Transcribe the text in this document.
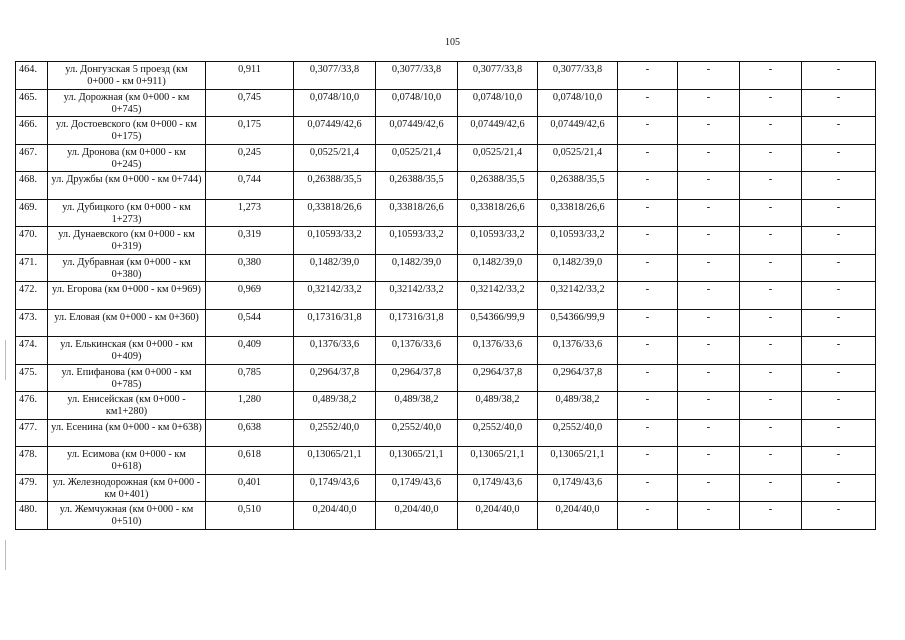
105
464.	ул. Донгузская 5 проезд (км 0+000 - км 0+911)	0,911	0,3077/33,8	0,3077/33,8	0,3077/33,8	0,3077/33,8	-	-	-	-
465.	ул. Дорожная (км 0+000 - км 0+745)	0,745	0,0748/10,0	0,0748/10,0	0,0748/10,0	0,0748/10,0	-	-	-	-
466.	ул. Достоевского (км 0+000 - км 0+175)	0,175	0,07449/42,6	0,07449/42,6	0,07449/42,6	0,07449/42,6	-	-	-	-
467.	ул. Дронова (км 0+000 - км 0+245)	0,245	0,0525/21,4	0,0525/21,4	0,0525/21,4	0,0525/21,4	-	-	-	-
468.	ул. Дружбы (км 0+000 - км 0+744)	0,744	0,26388/35,5	0,26388/35,5	0,26388/35,5	0,26388/35,5	-	-	-	-
469.	ул. Дубицкого (км 0+000 - км 1+273)	1,273	0,33818/26,6	0,33818/26,6	0,33818/26,6	0,33818/26,6	-	-	-	-
470.	ул. Дунаевского (км 0+000 - км 0+319)	0,319	0,10593/33,2	0,10593/33,2	0,10593/33,2	0,10593/33,2	-	-	-	-
471.	ул. Дубравная (км 0+000 - км 0+380)	0,380	0,1482/39,0	0,1482/39,0	0,1482/39,0	0,1482/39,0	-	-	-	-
472.	ул. Егорова (км 0+000 - км 0+969)	0,969	0,32142/33,2	0,32142/33,2	0,32142/33,2	0,32142/33,2	-	-	-	-
473.	ул. Еловая (км 0+000 - км 0+360)	0,544	0,17316/31,8	0,17316/31,8	0,54366/99,9	0,54366/99,9	-	-	-	-
474.	ул. Елькинская (км 0+000 - км 0+409)	0,409	0,1376/33,6	0,1376/33,6	0,1376/33,6	0,1376/33,6	-	-	-	-
475.	ул. Епифанова (км 0+000 - км 0+785)	0,785	0,2964/37,8	0,2964/37,8	0,2964/37,8	0,2964/37,8	-	-	-	-
476.	ул. Енисейская (км 0+000 - км1+280)	1,280	0,489/38,2	0,489/38,2	0,489/38,2	0,489/38,2	-	-	-	-
477.	ул. Есенина (км 0+000 - км 0+638)	0,638	0,2552/40,0	0,2552/40,0	0,2552/40,0	0,2552/40,0	-	-	-	-
478.	ул. Есимова (км 0+000 - км 0+618)	0,618	0,13065/21,1	0,13065/21,1	0,13065/21,1	0,13065/21,1	-	-	-	-
479.	ул. Железнодорожная (км 0+000 - км 0+401)	0,401	0,1749/43,6	0,1749/43,6	0,1749/43,6	0,1749/43,6	-	-	-	-
480.	ул. Жемчужная (км 0+000 - км 0+510)	0,510	0,204/40,0	0,204/40,0	0,204/40,0	0,204/40,0	-	-	-	-
